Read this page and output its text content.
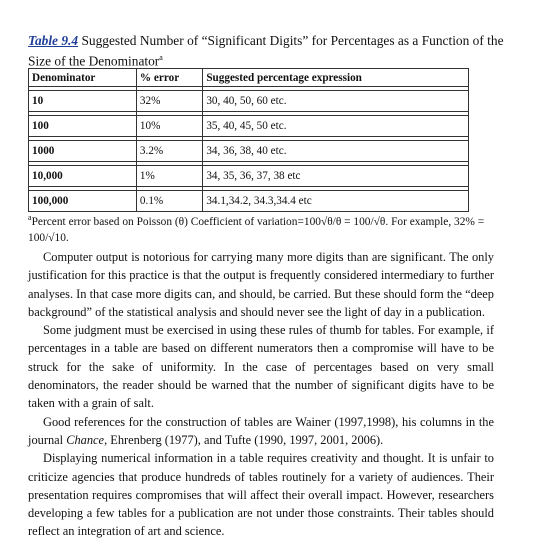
Table 9.4 Suggested Number of “Significant Digits” for Percentages as a Function of the Size of the Denominator$^a$
Denominator	% error	Suggested percentage expression

10	32%	30, 40, 50, 60 etc.

100	10%	35, 40, 45, 50 etc.

1000	3.2%	34, 36, 38, 40 etc.

10,000	1%	34, 35, 36, 37, 38 etc

100,000	0.1%	34.1,34.2, 34.3,34.4 etc
$^a$Percent error based on Poisson (θ) Coefficient of variation=100√θ/θ = 100/√θ. For example, 32% = 100/√10.

Computer output is notorious for carrying many more digits than are significant. The only justification for this practice is that the output is frequently considered intermediary to further analyses. In that case more digits can, and should, be carried. But these should form the “deep background” of the statistical analysis and should never see the light of day in a publication.

Some judgment must be exercised in using these rules of thumb for tables. For example, if percentages in a table are based on different numerators then a compromise will have to be struck for the sake of uniformity. In the case of percentages based on very small denominators, the reader should be warned that the number of significant digits have to be taken with a grain of salt.

Good references for the construction of tables are Wainer (1997,1998), his columns in the journal Chance, Ehrenberg (1977), and Tufte (1990, 1997, 2001, 2006).

Displaying numerical information in a table requires creativity and thought. It is unfair to criticize agencies that produce hundreds of tables routinely for a variety of audiences. Their presentation requires compromises that will affect their overall impact. However, researchers developing a few tables for a publication are not under those constraints. Their tables should reflect an integration of art and science.
